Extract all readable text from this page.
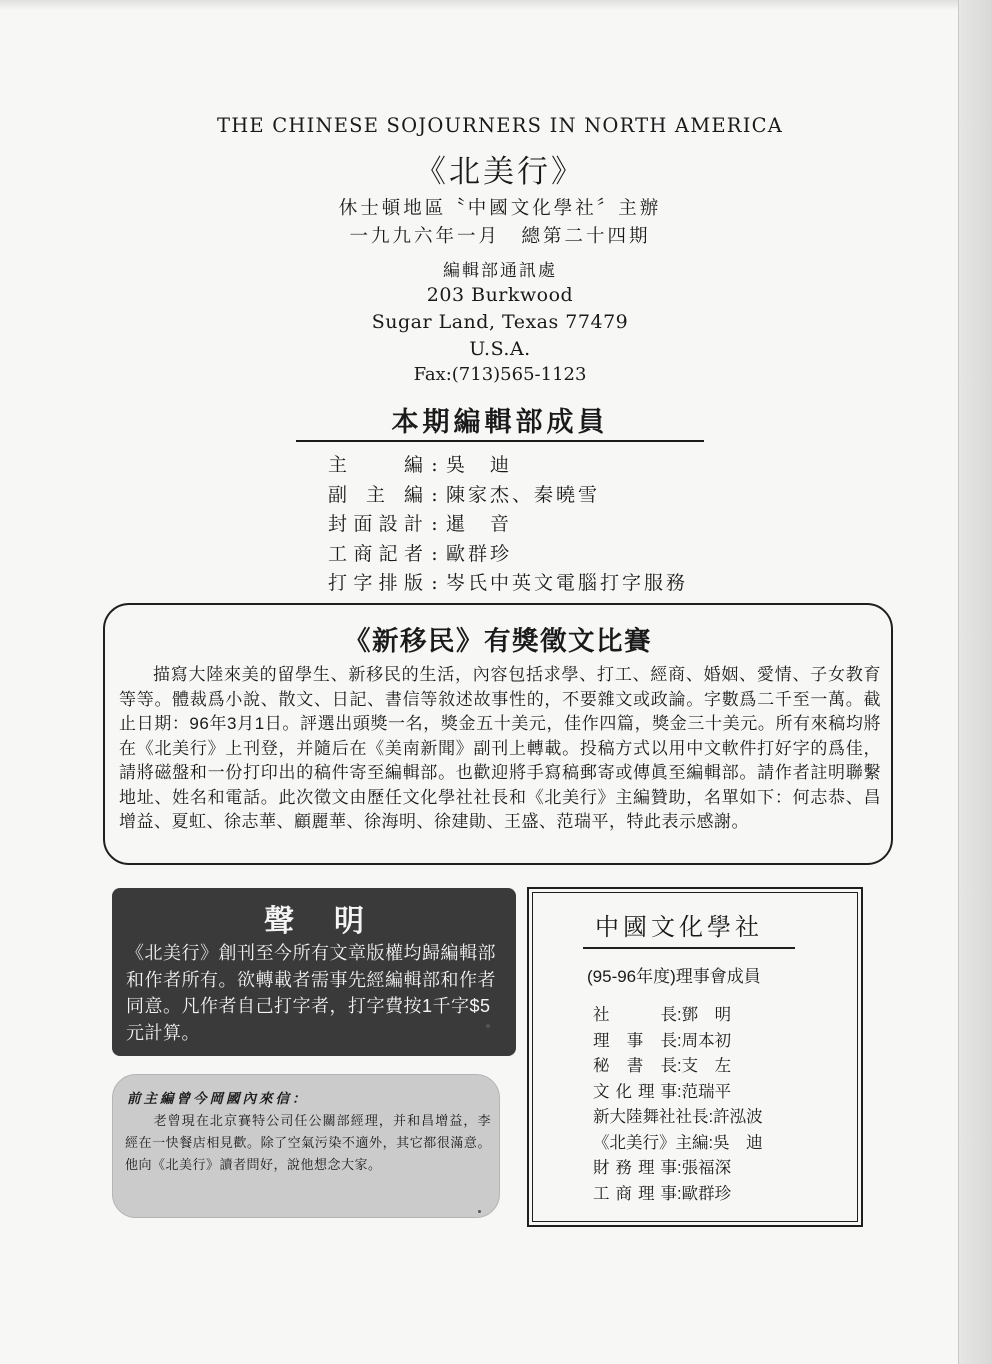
THE CHINESE SOJOURNERS IN NORTH AMERICA
《北美行》
休士頓地區〝中國文化學社〞主辦
一九九六年一月　總第二十四期
編輯部通訊處
203 Burkwood
Sugar Land, Texas 77479
U.S.A.
Fax:(713)565-1123
本期編輯部成員
主編 : 吳　迪
副主編 : 陳家杰、秦曉雪
封面設計 : 暹　音
工商記者 : 歐群珍
打字排版 : 岑氏中英文電腦打字服務
《新移民》有獎徵文比賽
描寫大陸來美的留學生、新移民的生活，內容包括求學、打工、經商、婚姻、愛情、子女教育等等。體裁爲小說、散文、日記、書信等敘述故事性的，不要雜文或政論。字數爲二千至一萬。截止日期：96年3月1日。評選出頭獎一名，獎金五十美元，佳作四篇，獎金三十美元。所有來稿均將在《北美行》上刊登，并隨后在《美南新聞》副刊上轉載。投稿方式以用中文軟件打好字的爲佳，請將磁盤和一份打印出的稿件寄至編輯部。也歡迎將手寫稿郵寄或傳眞至編輯部。請作者註明聯繫地址、姓名和電話。此次徵文由歷任文化學社社長和《北美行》主編贊助，名單如下：何志恭、昌增益、夏虹、徐志華、顧麗華、徐海明、徐建勛、王盛、范瑞平，特此表示感謝。
聲明
《北美行》創刊至今所有文章版權均歸編輯部和作者所有。欲轉載者需事先經編輯部和作者同意。凡作者自己打字者，打字費按1千字$5元計算。
前主編曾今岡國內來信：
老曾現在北京賽特公司任公關部經理，并和昌增益，李經在一快餐店相見歡。除了空氣污染不適外，其它都很滿意。他向《北美行》讀者問好，說他想念大家。
中國文化學社
(95-96年度)理事會成員
社長:鄧　明
理事長:周本初
秘書長:支　左
文化理事:范瑞平
新大陸舞社社長:許泓波
《北美行》主編:吳　迪
財務理事:張福深
工商理事:歐群珍
